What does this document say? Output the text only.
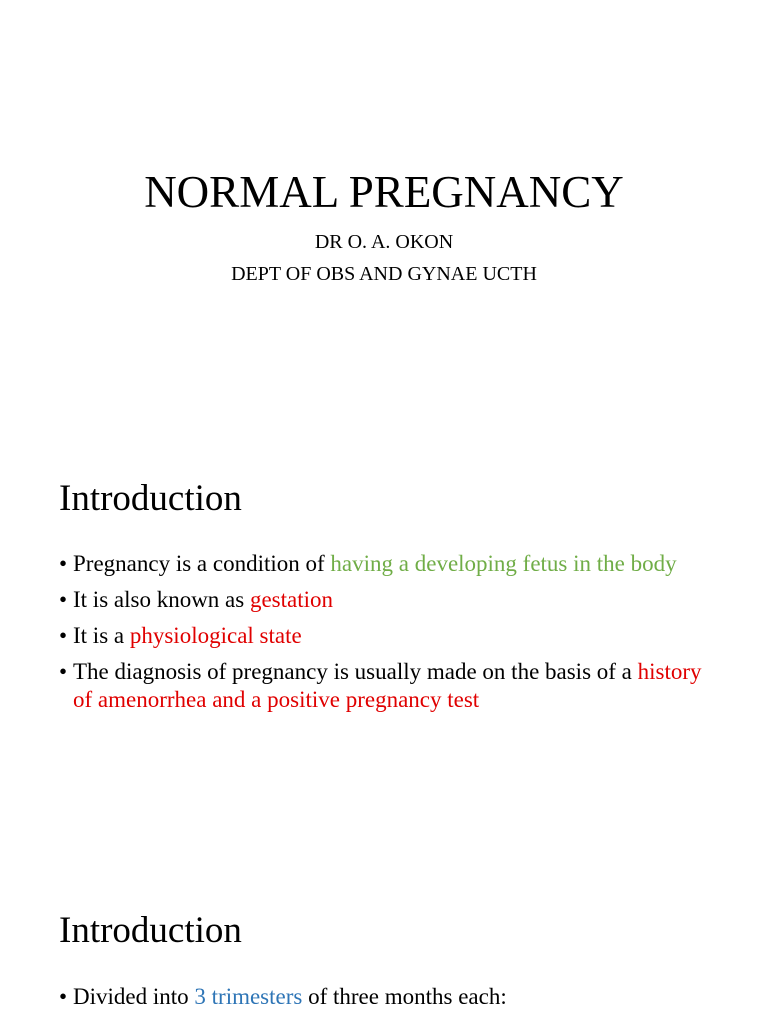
NORMAL PREGNANCY

DR O. A. OKON

DEPT OF OBS AND GYNAE UCTH

Introduction
• Pregnancy is a condition of having a developing fetus in the body
• It is also known as gestation
• It is a physiological state
• The diagnosis of pregnancy is usually made on the basis of a history of amenorrhea and a positive pregnancy test
Introduction
• Divided into 3 trimesters of three months each:
